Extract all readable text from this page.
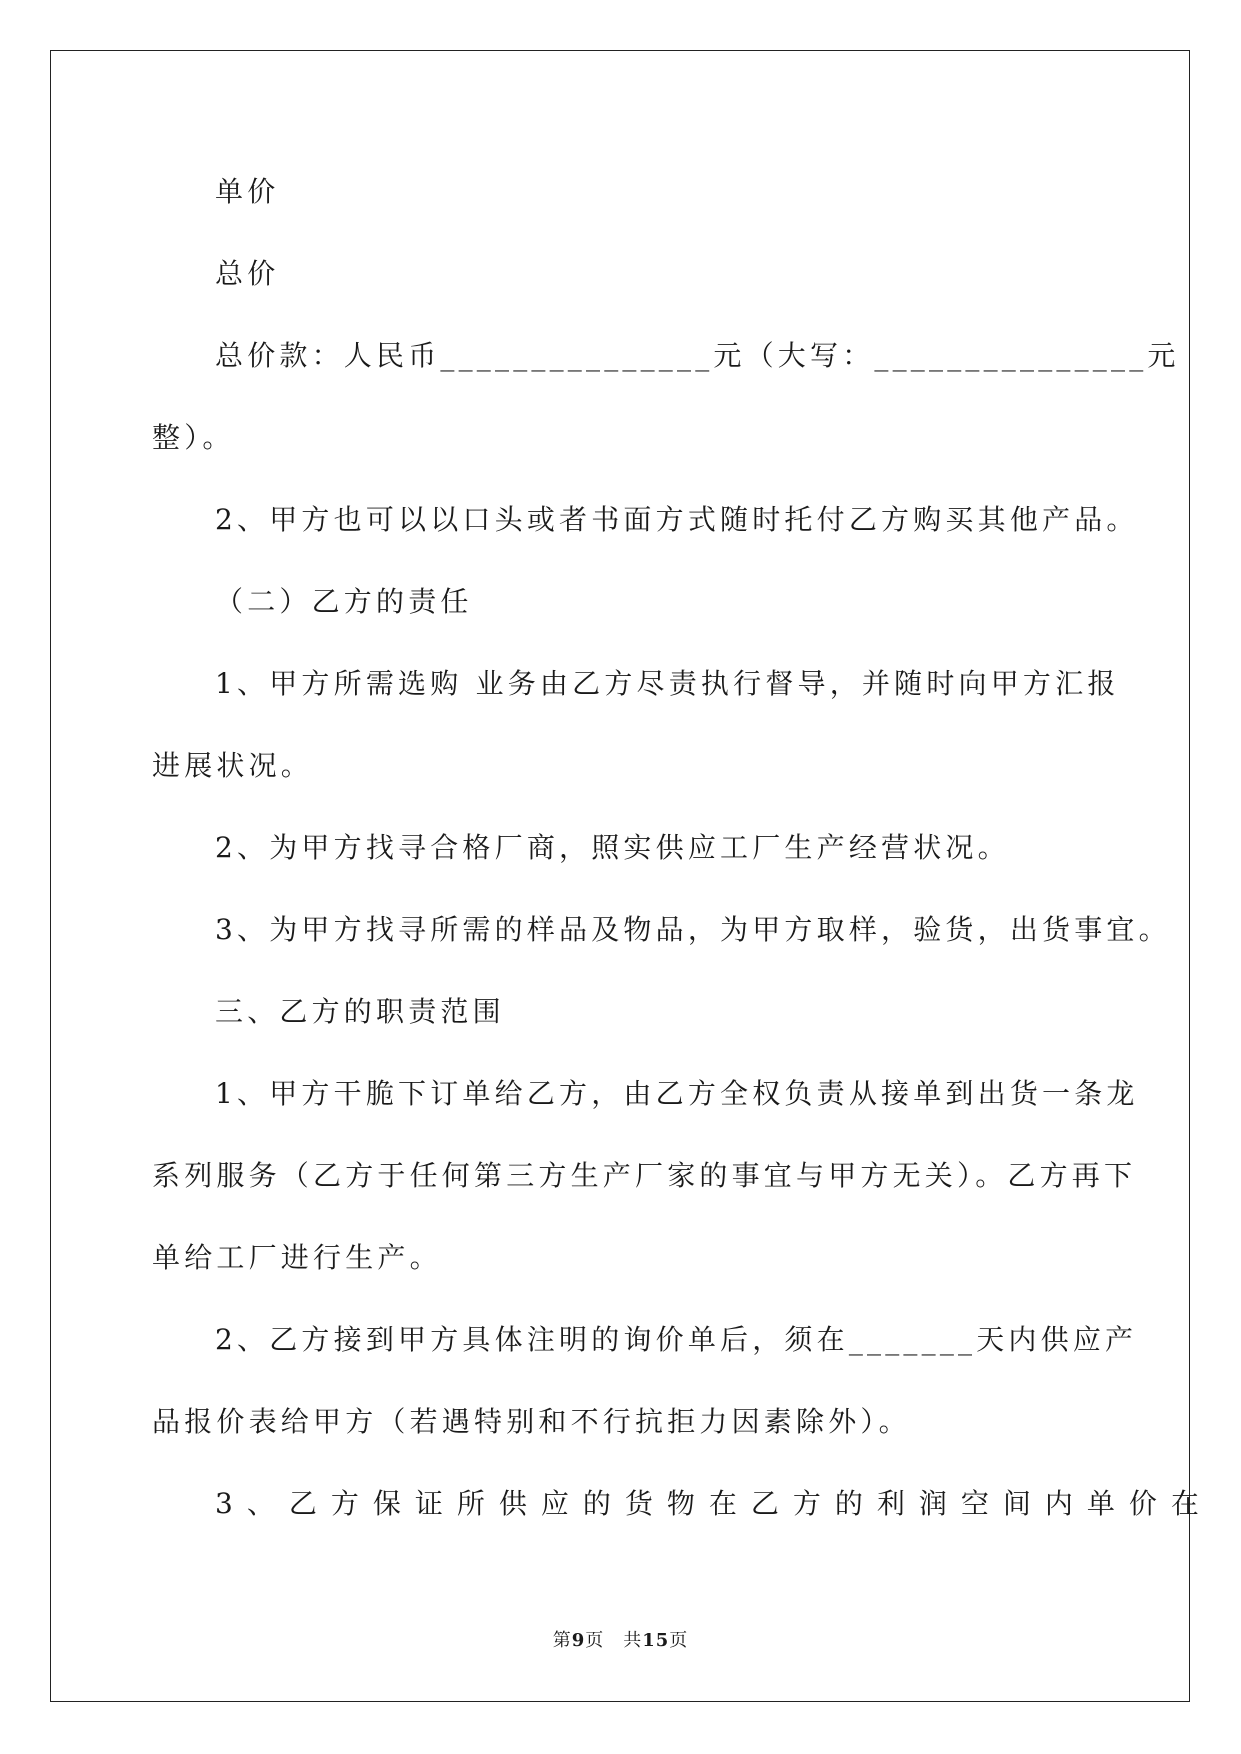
单价
总价
总价款：人民币_______________元（大写：_______________元
整）。
2、甲方也可以以口头或者书面方式随时托付乙方购买其他产品。
（二）乙方的责任
1、甲方所需选购 业务由乙方尽责执行督导，并随时向甲方汇报
进展状况。
2、为甲方找寻合格厂商，照实供应工厂生产经营状况。
3、为甲方找寻所需的样品及物品，为甲方取样，验货，出货事宜。
三、乙方的职责范围
1、甲方干脆下订单给乙方，由乙方全权负责从接单到出货一条龙
系列服务（乙方于任何第三方生产厂家的事宜与甲方无关）。乙方再下
单给工厂进行生产。
2、乙方接到甲方具体注明的询价单后，须在_______天内供应产
品报价表给甲方（若遇特别和不行抗拒力因素除外）。
3、乙方保证所供应的货物在乙方的利润空间内单价在
第9页　共15页
